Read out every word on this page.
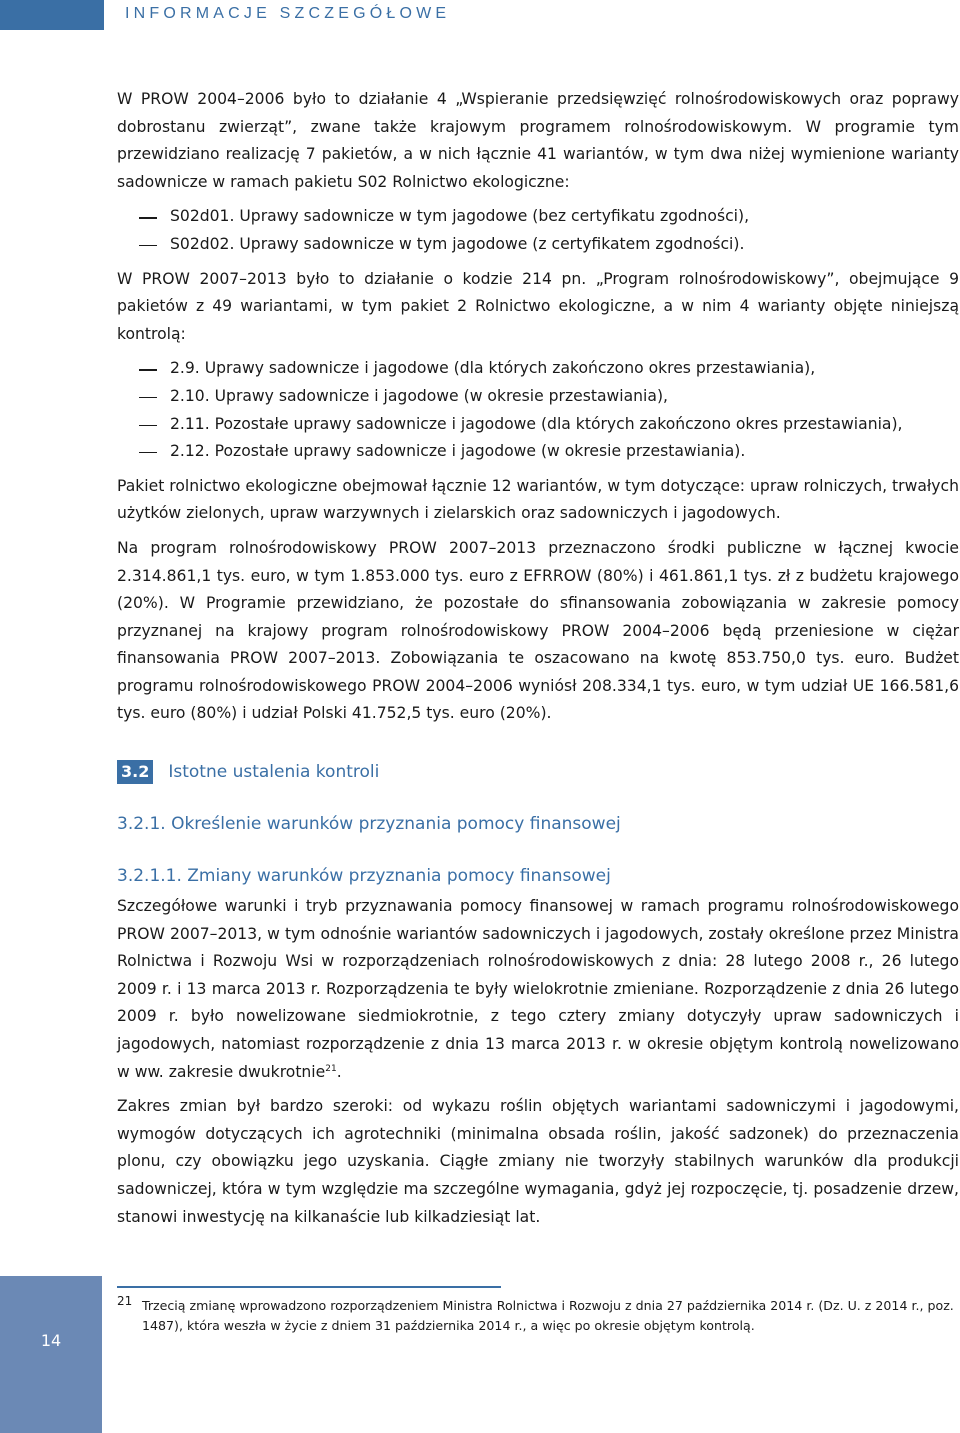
INFORMACJE SZCZEGÓŁOWE

W PROW 2004–2006 było to działanie 4 „Wspieranie przedsięwzięć rolnośrodowiskowych oraz poprawy dobrostanu zwierząt”, zwane także krajowym programem rolnośrodowiskowym. W programie tym przewidziano realizację 7 pakietów, a w nich łącznie 41 wariantów, w tym dwa niżej wymienione warianty sadownicze w ramach pakietu S02 Rolnictwo ekologiczne:

S02d01. Uprawy sadownicze w tym jagodowe (bez certyfikatu zgodności),
S02d02. Uprawy sadownicze w tym jagodowe (z certyfikatem zgodności).

W PROW 2007–2013 było to działanie o kodzie 214 pn. „Program rolnośrodowiskowy”, obejmujące 9 pakietów z 49 wariantami, w tym pakiet 2 Rolnictwo ekologiczne, a w nim 4 warianty objęte niniejszą kontrolą:

2.9. Uprawy sadownicze i jagodowe (dla których zakończono okres przestawiania),
2.10. Uprawy sadownicze i jagodowe (w okresie przestawiania),
2.11. Pozostałe uprawy sadownicze i jagodowe (dla których zakończono okres przestawiania),
2.12. Pozostałe uprawy sadownicze i jagodowe (w okresie przestawiania).

Pakiet rolnictwo ekologiczne obejmował łącznie 12 wariantów, w tym dotyczące: upraw rolniczych, trwałych użytków zielonych, upraw warzywnych i zielarskich oraz sadowniczych i jagodowych.

Na program rolnośrodowiskowy PROW 2007–2013 przeznaczono środki publiczne w łącznej kwocie 2.314.861,1 tys. euro, w tym 1.853.000 tys. euro z EFRROW (80%) i 461.861,1 tys. zł z budżetu krajowego (20%). W Programie przewidziano, że pozostałe do sfinansowania zobowiązania w zakresie pomocy przyznanej na krajowy program rolnośrodowiskowy PROW 2004–2006 będą przeniesione w ciężar finansowania PROW 2007–2013. Zobowiązania te oszacowano na kwotę 853.750,0 tys. euro. Budżet programu rolnośrodowiskowego PROW 2004–2006 wyniósł 208.334,1 tys. euro, w tym udział UE 166.581,6 tys. euro (80%) i udział Polski 41.752,5 tys. euro (20%).

3.2 Istotne ustalenia kontroli
3.2.1. Określenie warunków przyznania pomocy finansowej
3.2.1.1. Zmiany warunków przyznania pomocy finansowej

Szczegółowe warunki i tryb przyznawania pomocy finansowej w ramach programu rolnośrodowiskowego PROW 2007–2013, w tym odnośnie wariantów sadowniczych i jagodowych, zostały określone przez Ministra Rolnictwa i Rozwoju Wsi w rozporządzeniach rolnośrodowiskowych z dnia: 28 lutego 2008 r., 26 lutego 2009 r. i 13 marca 2013 r. Rozporządzenia te były wielokrotnie zmieniane. Rozporządzenie z dnia 26 lutego 2009 r. było nowelizowane siedmiokrotnie, z tego cztery zmiany dotyczyły upraw sadowniczych i jagodowych, natomiast rozporządzenie z dnia 13 marca 2013 r. w okresie objętym kontrolą nowelizowano w ww. zakresie dwukrotnie$^{21}$.

Zakres zmian był bardzo szeroki: od wykazu roślin objętych wariantami sadowniczymi i jagodowymi, wymogów dotyczących ich agrotechniki (minimalna obsada roślin, jakość sadzonek) do przeznaczenia plonu, czy obowiązku jego uzyskania. Ciągłe zmiany nie tworzyły stabilnych warunków dla produkcji sadowniczej, która w tym względzie ma szczególne wymagania, gdyż jej rozpoczęcie, tj. posadzenie drzew, stanowi inwestycję na kilkanaście lub kilkadziesiąt lat.

14
21 Trzecią zmianę wprowadzono rozporządzeniem Ministra Rolnictwa i Rozwoju z dnia 27 października 2014 r. (Dz. U. z 2014 r., poz. 1487), która weszła w życie z dniem 31 października 2014 r., a więc po okresie objętym kontrolą.
